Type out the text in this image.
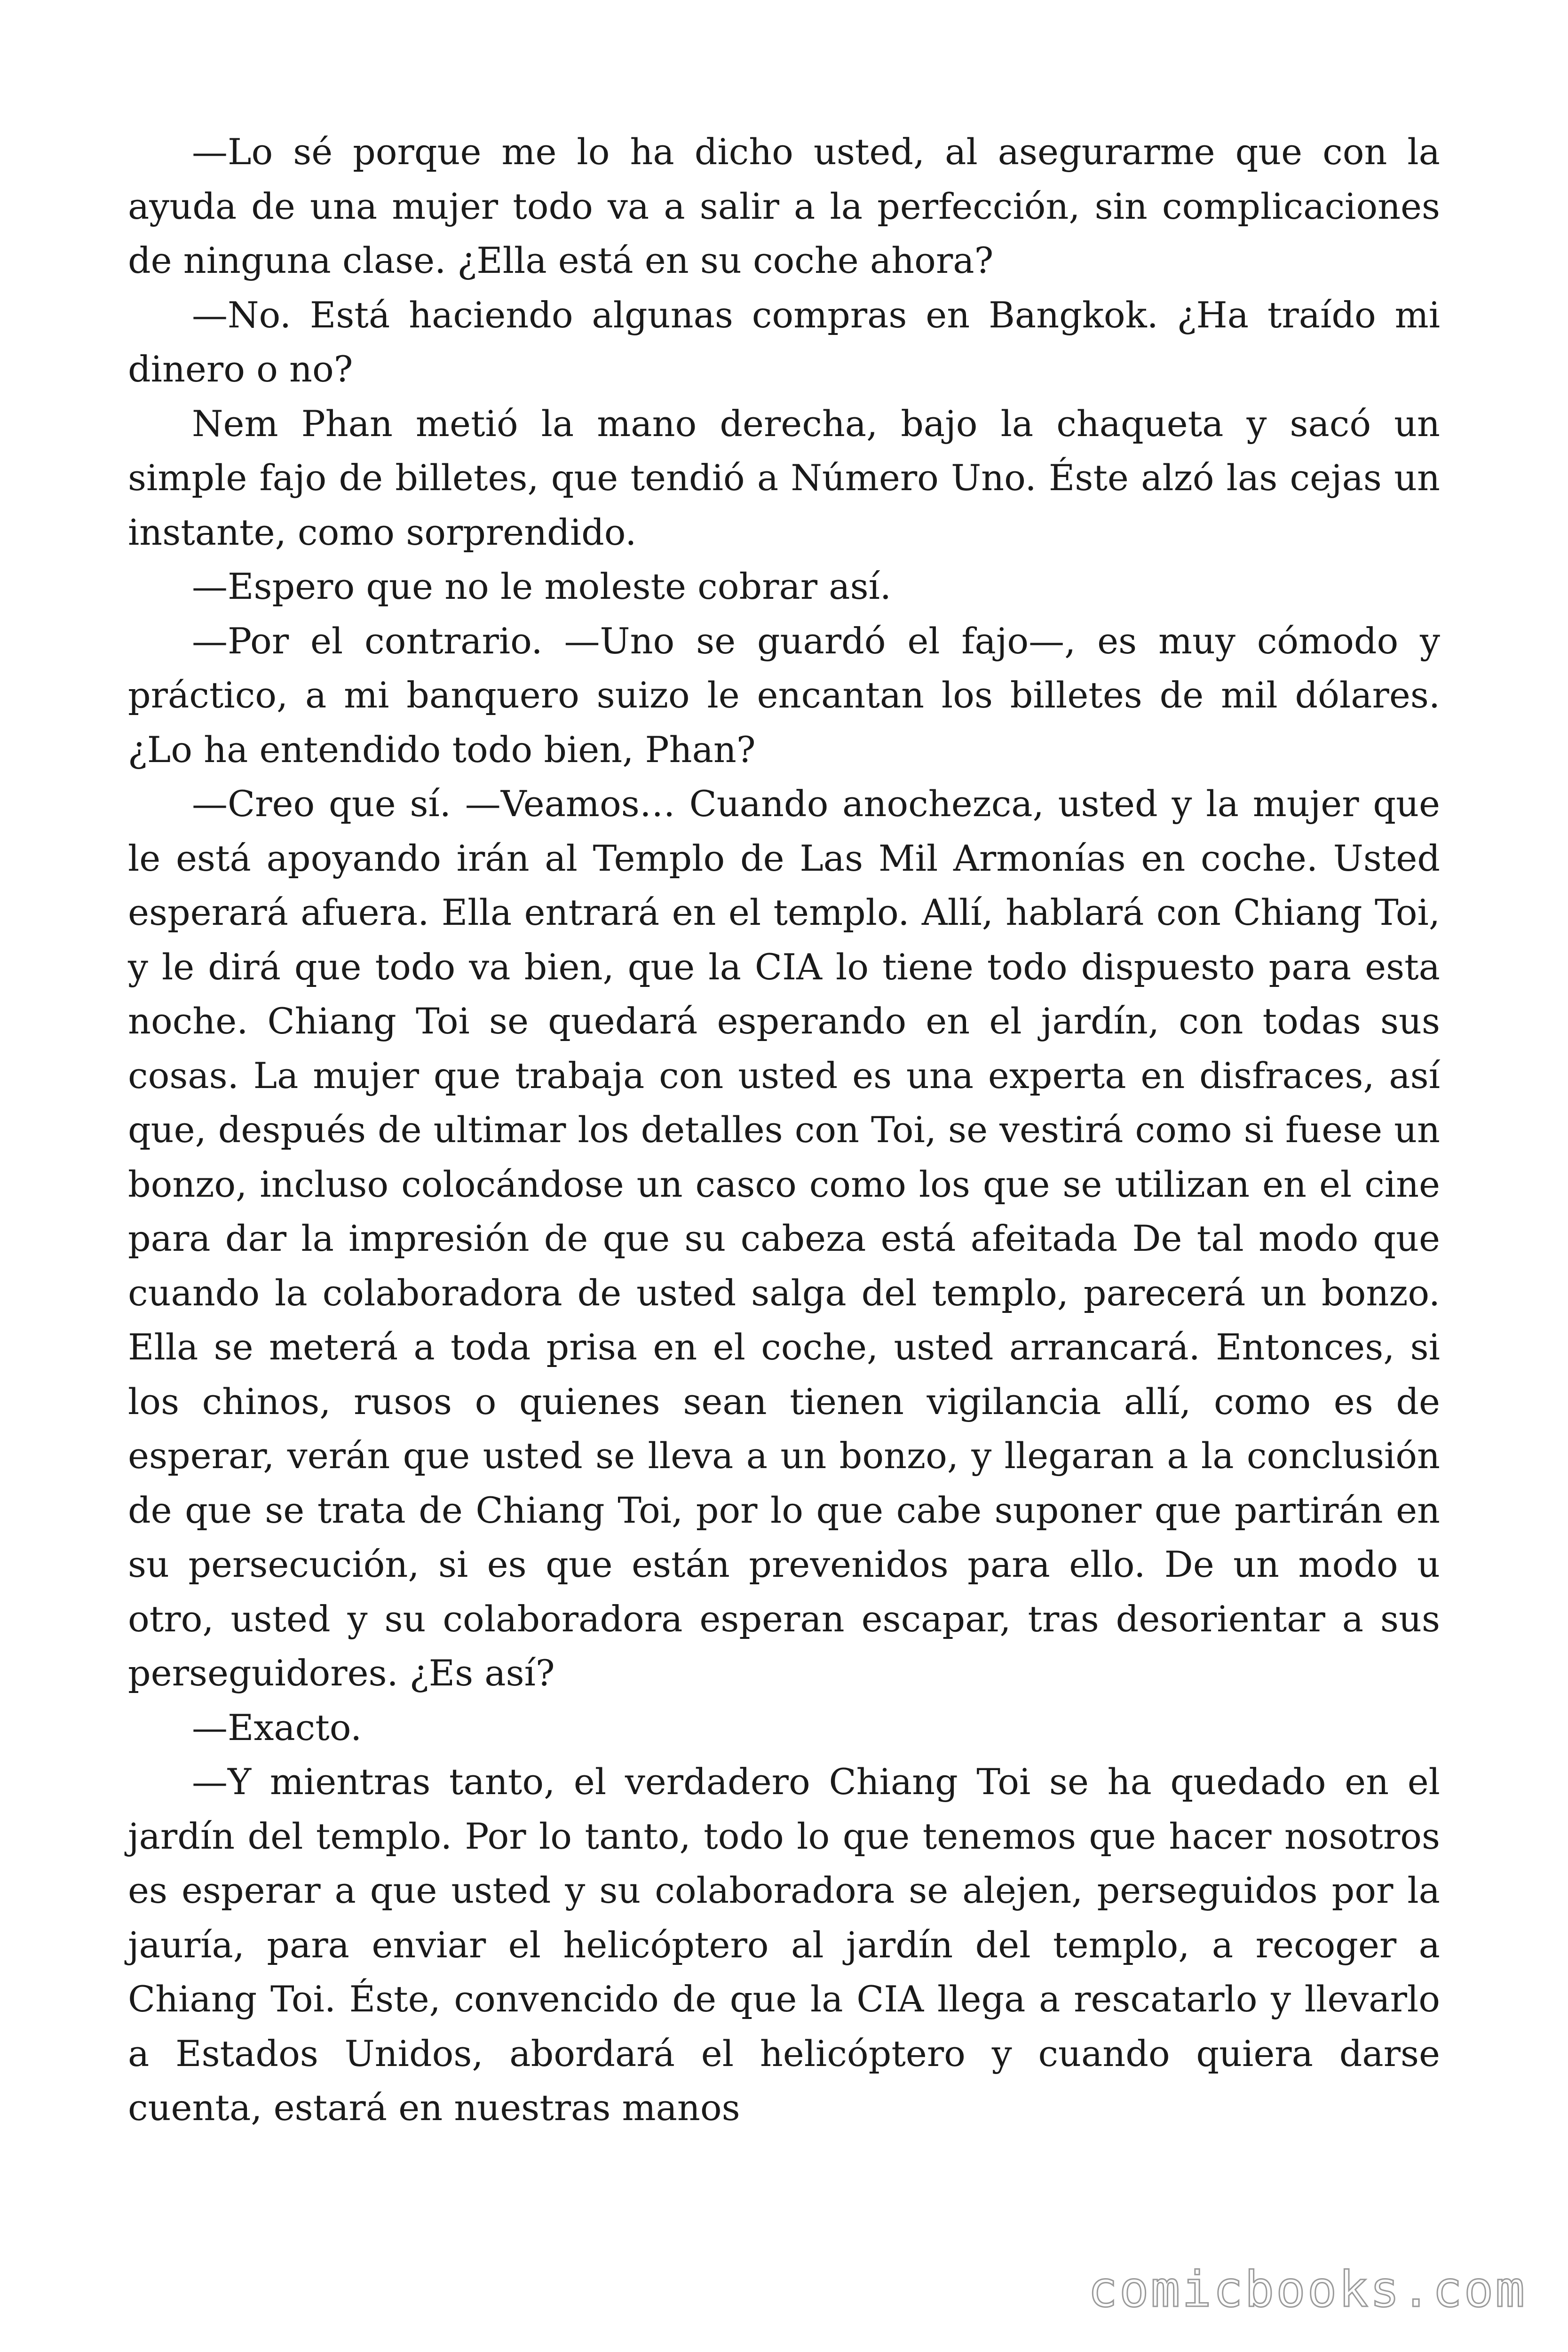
—Lo sé porque me lo ha dicho usted, al asegurarme que con la ayuda de una mujer todo va a salir a la perfección, sin complicaciones de ninguna clase. ¿Ella está en su coche ahora?

—No. Está haciendo algunas compras en Bangkok. ¿Ha traído mi dinero o no?

Nem Phan metió la mano derecha, bajo la chaqueta y sacó un simple fajo de billetes, que tendió a Número Uno. Éste alzó las cejas un instante, como sorprendido.

—Espero que no le moleste cobrar así.

—Por el contrario. —Uno se guardó el fajo—, es muy cómodo y práctico, a mi banquero suizo le encantan los billetes de mil dólares. ¿Lo ha entendido todo bien, Phan?

—Creo que sí. —Veamos… Cuando anochezca, usted y la mujer que le está apoyando irán al Templo de Las Mil Armonías en coche. Usted esperará afuera. Ella entrará en el templo. Allí, hablará con Chiang Toi, y le dirá que todo va bien, que la CIA lo tiene todo dispuesto para esta noche. Chiang Toi se quedará esperando en el jardín, con todas sus cosas. La mujer que trabaja con usted es una experta en disfraces, así que, después de ultimar los detalles con Toi, se vestirá como si fuese un bonzo, incluso colocándose un casco como los que se utilizan en el cine para dar la impresión de que su cabeza está afeitada De tal modo que cuando la colaboradora de usted salga del templo, parecerá un bonzo. Ella se meterá a toda prisa en el coche, usted arrancará. Entonces, si los chinos, rusos o quienes sean tienen vigilancia allí, como es de esperar, verán que usted se lleva a un bonzo, y llegaran a la conclusión de que se trata de Chiang Toi, por lo que cabe suponer que partirán en su persecución, si es que están prevenidos para ello. De un modo u otro, usted y su colaboradora esperan escapar, tras desorientar a sus perseguidores. ¿Es así?

—Exacto.

—Y mientras tanto, el verdadero Chiang Toi se ha quedado en el jardín del templo. Por lo tanto, todo lo que tenemos que hacer nosotros es esperar a que usted y su colaboradora se alejen, perseguidos por la jauría, para enviar el helicóptero al jardín del templo, a recoger a Chiang Toi. Éste, convencido de que la CIA llega a rescatarlo y llevarlo a Estados Unidos, abordará el helicóptero y cuando quiera darse cuenta, estará en nuestras manos

comicbooks.com
